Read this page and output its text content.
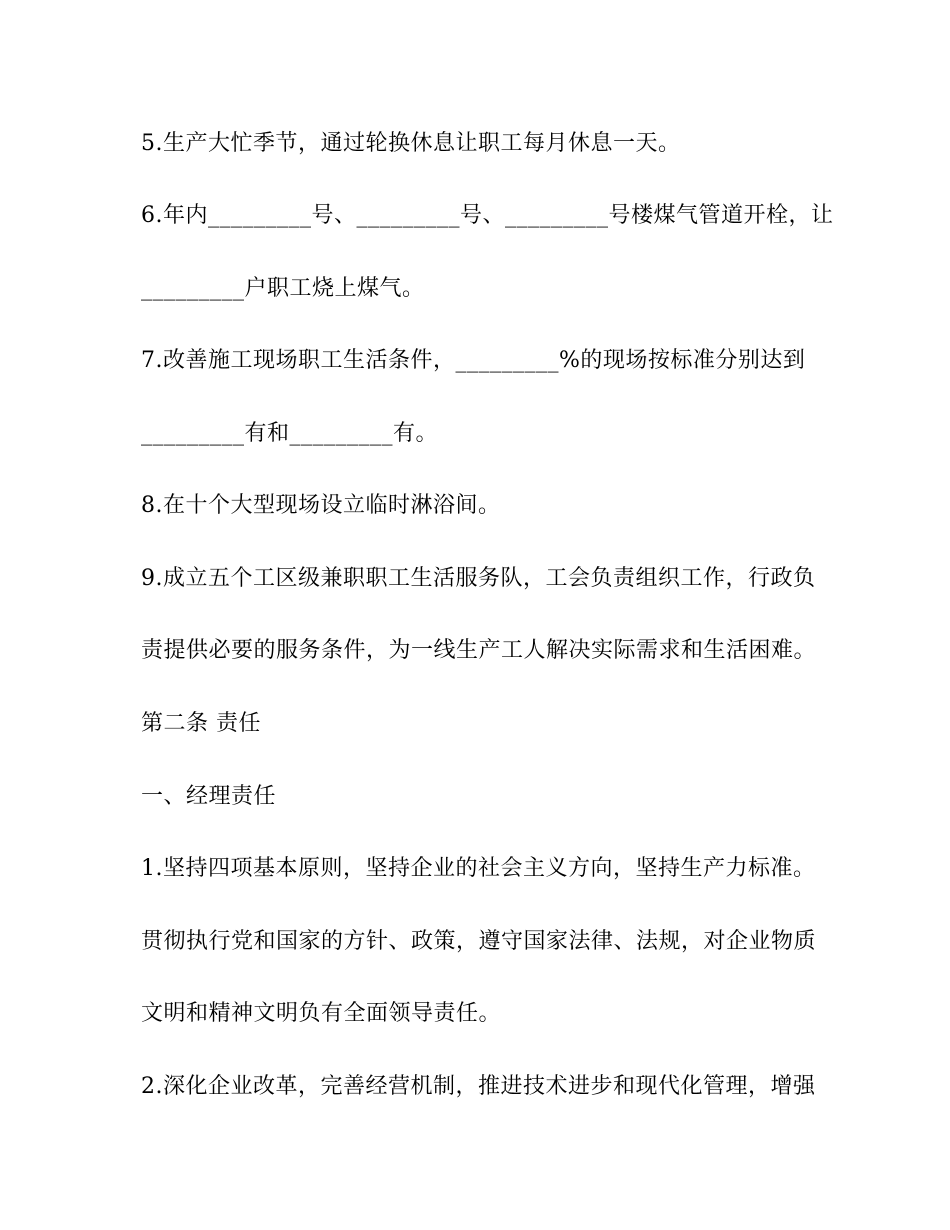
5.生产大忙季节，通过轮换休息让职工每月休息一天。
6.年内_________号、_________号、_________号楼煤气管道开栓，让
_________户职工烧上煤气。
7.改善施工现场职工生活条件，_________%的现场按标准分别达到
_________有和_________有。
8.在十个大型现场设立临时淋浴间。
9.成立五个工区级兼职职工生活服务队，工会负责组织工作，行政负
责提供必要的服务条件，为一线生产工人解决实际需求和生活困难。
第二条 责任
一、经理责任
1.坚持四项基本原则，坚持企业的社会主义方向，坚持生产力标准。
贯彻执行党和国家的方针、政策，遵守国家法律、法规，对企业物质
文明和精神文明负有全面领导责任。
2.深化企业改革，完善经营机制，推进技术进步和现代化管理，增强
